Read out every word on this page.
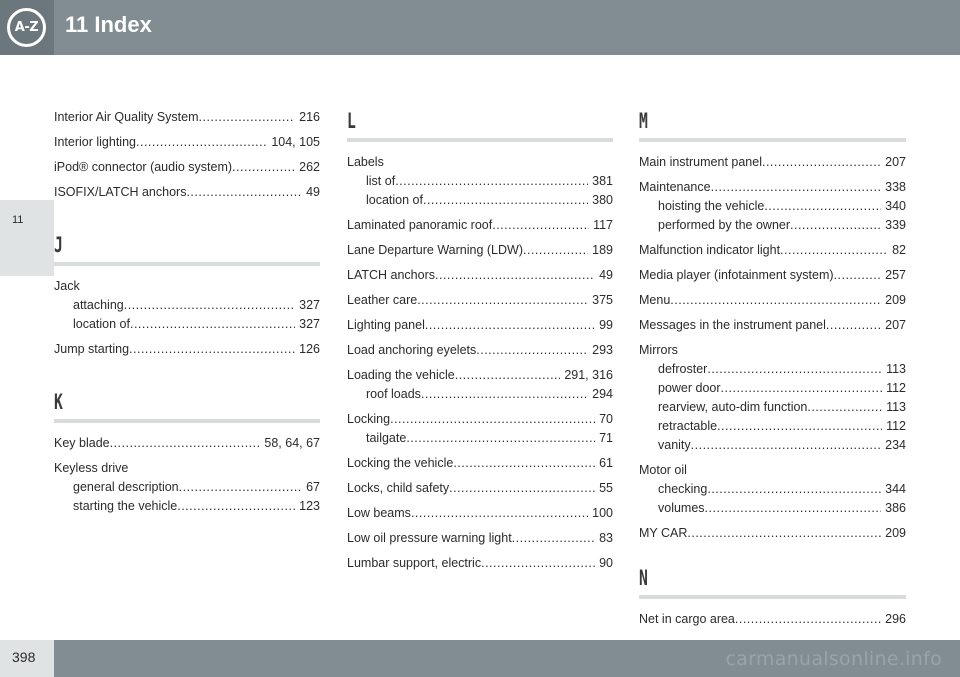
A-Z 11 Index
11
Interior Air Quality System .....	216
Interior lighting .....	104, 105
iPod® connector (audio system) .....	262
ISOFIX/LATCH anchors .....	49
J
Jack
attaching .....	327
location of .....	327
Jump starting .....	126
K
Key blade .....	58, 64, 67
Keyless drive
general description .....	67
starting the vehicle .....	123
L
Labels
list of .....	381
location of .....	380
Laminated panoramic roof .....	117
Lane Departure Warning (LDW) .....	189
LATCH anchors .....	49
Leather care .....	375
Lighting panel .....	99
Load anchoring eyelets .....	293
Loading the vehicle .....	291, 316
roof loads .....	294
Locking .....	70
tailgate .....	71
Locking the vehicle .....	61
Locks, child safety .....	55
Low beams .....	100
Low oil pressure warning light .....	83
Lumbar support, electric .....	90
M
Main instrument panel .....	207
Maintenance .....	338
hoisting the vehicle .....	340
performed by the owner .....	339
Malfunction indicator light .....	82
Media player (infotainment system) .....	257
Menu .....	209
Messages in the instrument panel .....	207
Mirrors
defroster .....	113
power door .....	112
rearview, auto-dim function .....	113
retractable .....	112
vanity .....	234
Motor oil
checking .....	344
volumes .....	386
MY CAR .....	209
N
Net in cargo area .....	296
398	carmanualsonline.info
